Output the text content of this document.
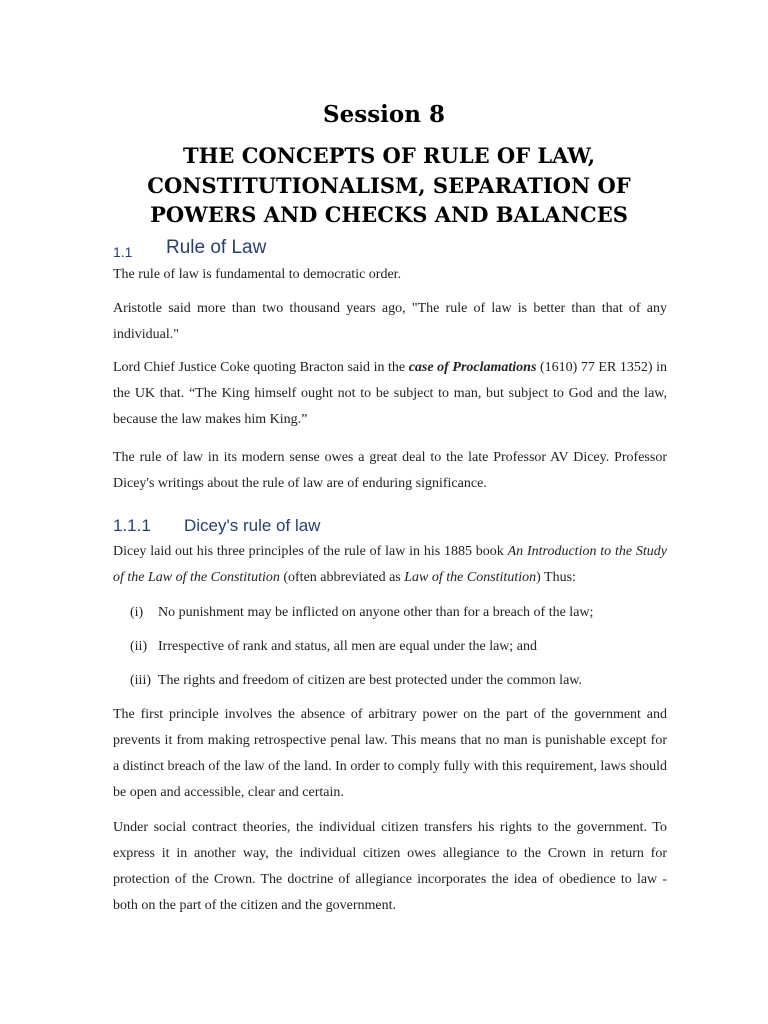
Session 8
THE CONCEPTS OF RULE OF LAW,
CONSTITUTIONALISM, SEPARATION OF
POWERS AND CHECKS AND BALANCES
1.1 Rule of Law
The rule of law is fundamental to democratic order.
Aristotle said more than two thousand years ago, "The rule of law is better than that of any individual."
Lord Chief Justice Coke quoting Bracton said in the case of Proclamations (1610) 77 ER 1352) in the UK that. “The King himself ought not to be subject to man, but subject to God and the law, because the law makes him King.”
The rule of law in its modern sense owes a great deal to the late Professor AV Dicey. Professor Dicey's writings about the rule of law are of enduring significance.
1.1.1 Dicey's rule of law
Dicey laid out his three principles of the rule of law in his 1885 book An Introduction to the Study of the Law of the Constitution (often abbreviated as Law of the Constitution) Thus:
(i) No punishment may be inflicted on anyone other than for a breach of the law;
(ii) Irrespective of rank and status, all men are equal under the law; and
(iii) The rights and freedom of citizen are best protected under the common law.
The first principle involves the absence of arbitrary power on the part of the government and prevents it from making retrospective penal law. This means that no man is punishable except for a distinct breach of the law of the land. In order to comply fully with this requirement, laws should be open and accessible, clear and certain.
Under social contract theories, the individual citizen transfers his rights to the government. To express it in another way, the individual citizen owes allegiance to the Crown in return for protection of the Crown. The doctrine of allegiance incorporates the idea of obedience to law - both on the part of the citizen and the government.
